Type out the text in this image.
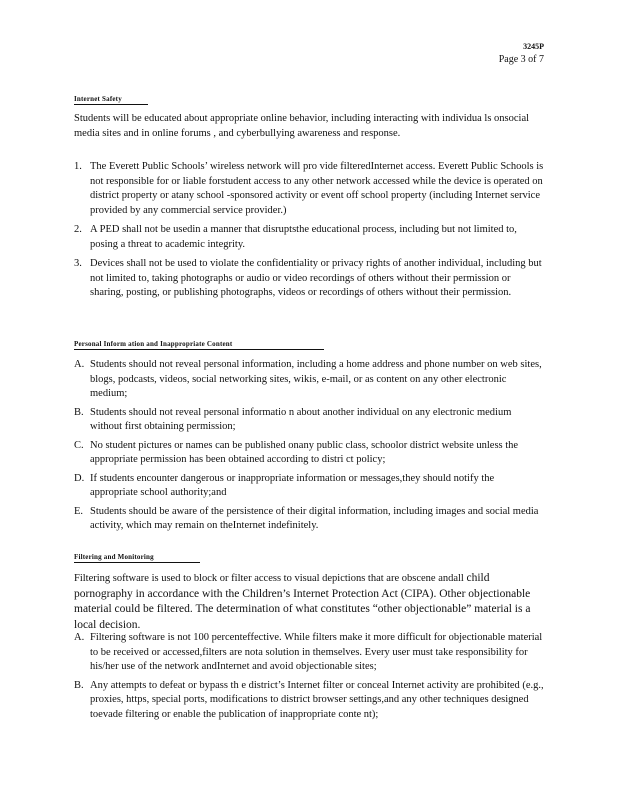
3245P
Page 3 of 7
Internet Safety

Students will be educated about appropriate online behavior, including interacting with individua ls onsocial media sites and in online forums , and cyberbullying awareness and response.

1. The Everett Public Schools’ wireless network will pro vide filteredInternet access. Everett Public Schools is not responsible for or liable forstudent access to any other network accessed while the device is operated on district property or atany school -sponsored activity or event off school property (including Internet service provided by any commercial service provider.)
2. A PED shall not be usedin a manner that disruptsthe educational process, including but not limited to, posing a threat to academic integrity.
3. Devices shall not be used to violate the confidentiality or privacy rights of another individual, including but not limited to, taking photographs or audio or video recordings of others without their permission or sharing, posting, or publishing photographs, videos or recordings of others without their permission.
Personal Inform ation and Inappropriate Content
A. Students should not reveal personal information, including a home address and phone number on web sites, blogs, podcasts, videos, social networking sites, wikis, e-mail, or as content on any other electronic medium;
B. Students should not reveal personal informatio n about another individual on any electronic medium without first obtaining permission;
C. No student pictures or names can be published onany public class, schoolor district website unless the appropriate permission has been obtained according to distri ct policy;
D. If students encounter dangerous or inappropriate information or messages,they should notify the appropriate school authority;and
E. Students should be aware of the persistence of their digital information, including images and social media activity, which may remain on theInternet indefinitely.
Filtering and Monitoring

Filtering software is used to block or filter access to visual depictions that are obscene andall child pornography in accordance with the Children’s Internet Protection Act (CIPA). Other objectionable material could be filtered. The determination of what constitutes “other objectionable” material is a local decision.

A. Filtering software is not 100 percenteffective. While filters make it more difficult for objectionable material to be received or accessed,filters are nota solution in themselves. Every user must take responsibility for his/her use of the network andInternet and avoid objectionable sites;
B. Any attempts to defeat or bypass th e district’s Internet filter or conceal Internet activity are prohibited (e.g., proxies, https, special ports, modifications to district browser settings,and any other techniques designed toevade filtering or enable the publication of inappropriate conte nt);
